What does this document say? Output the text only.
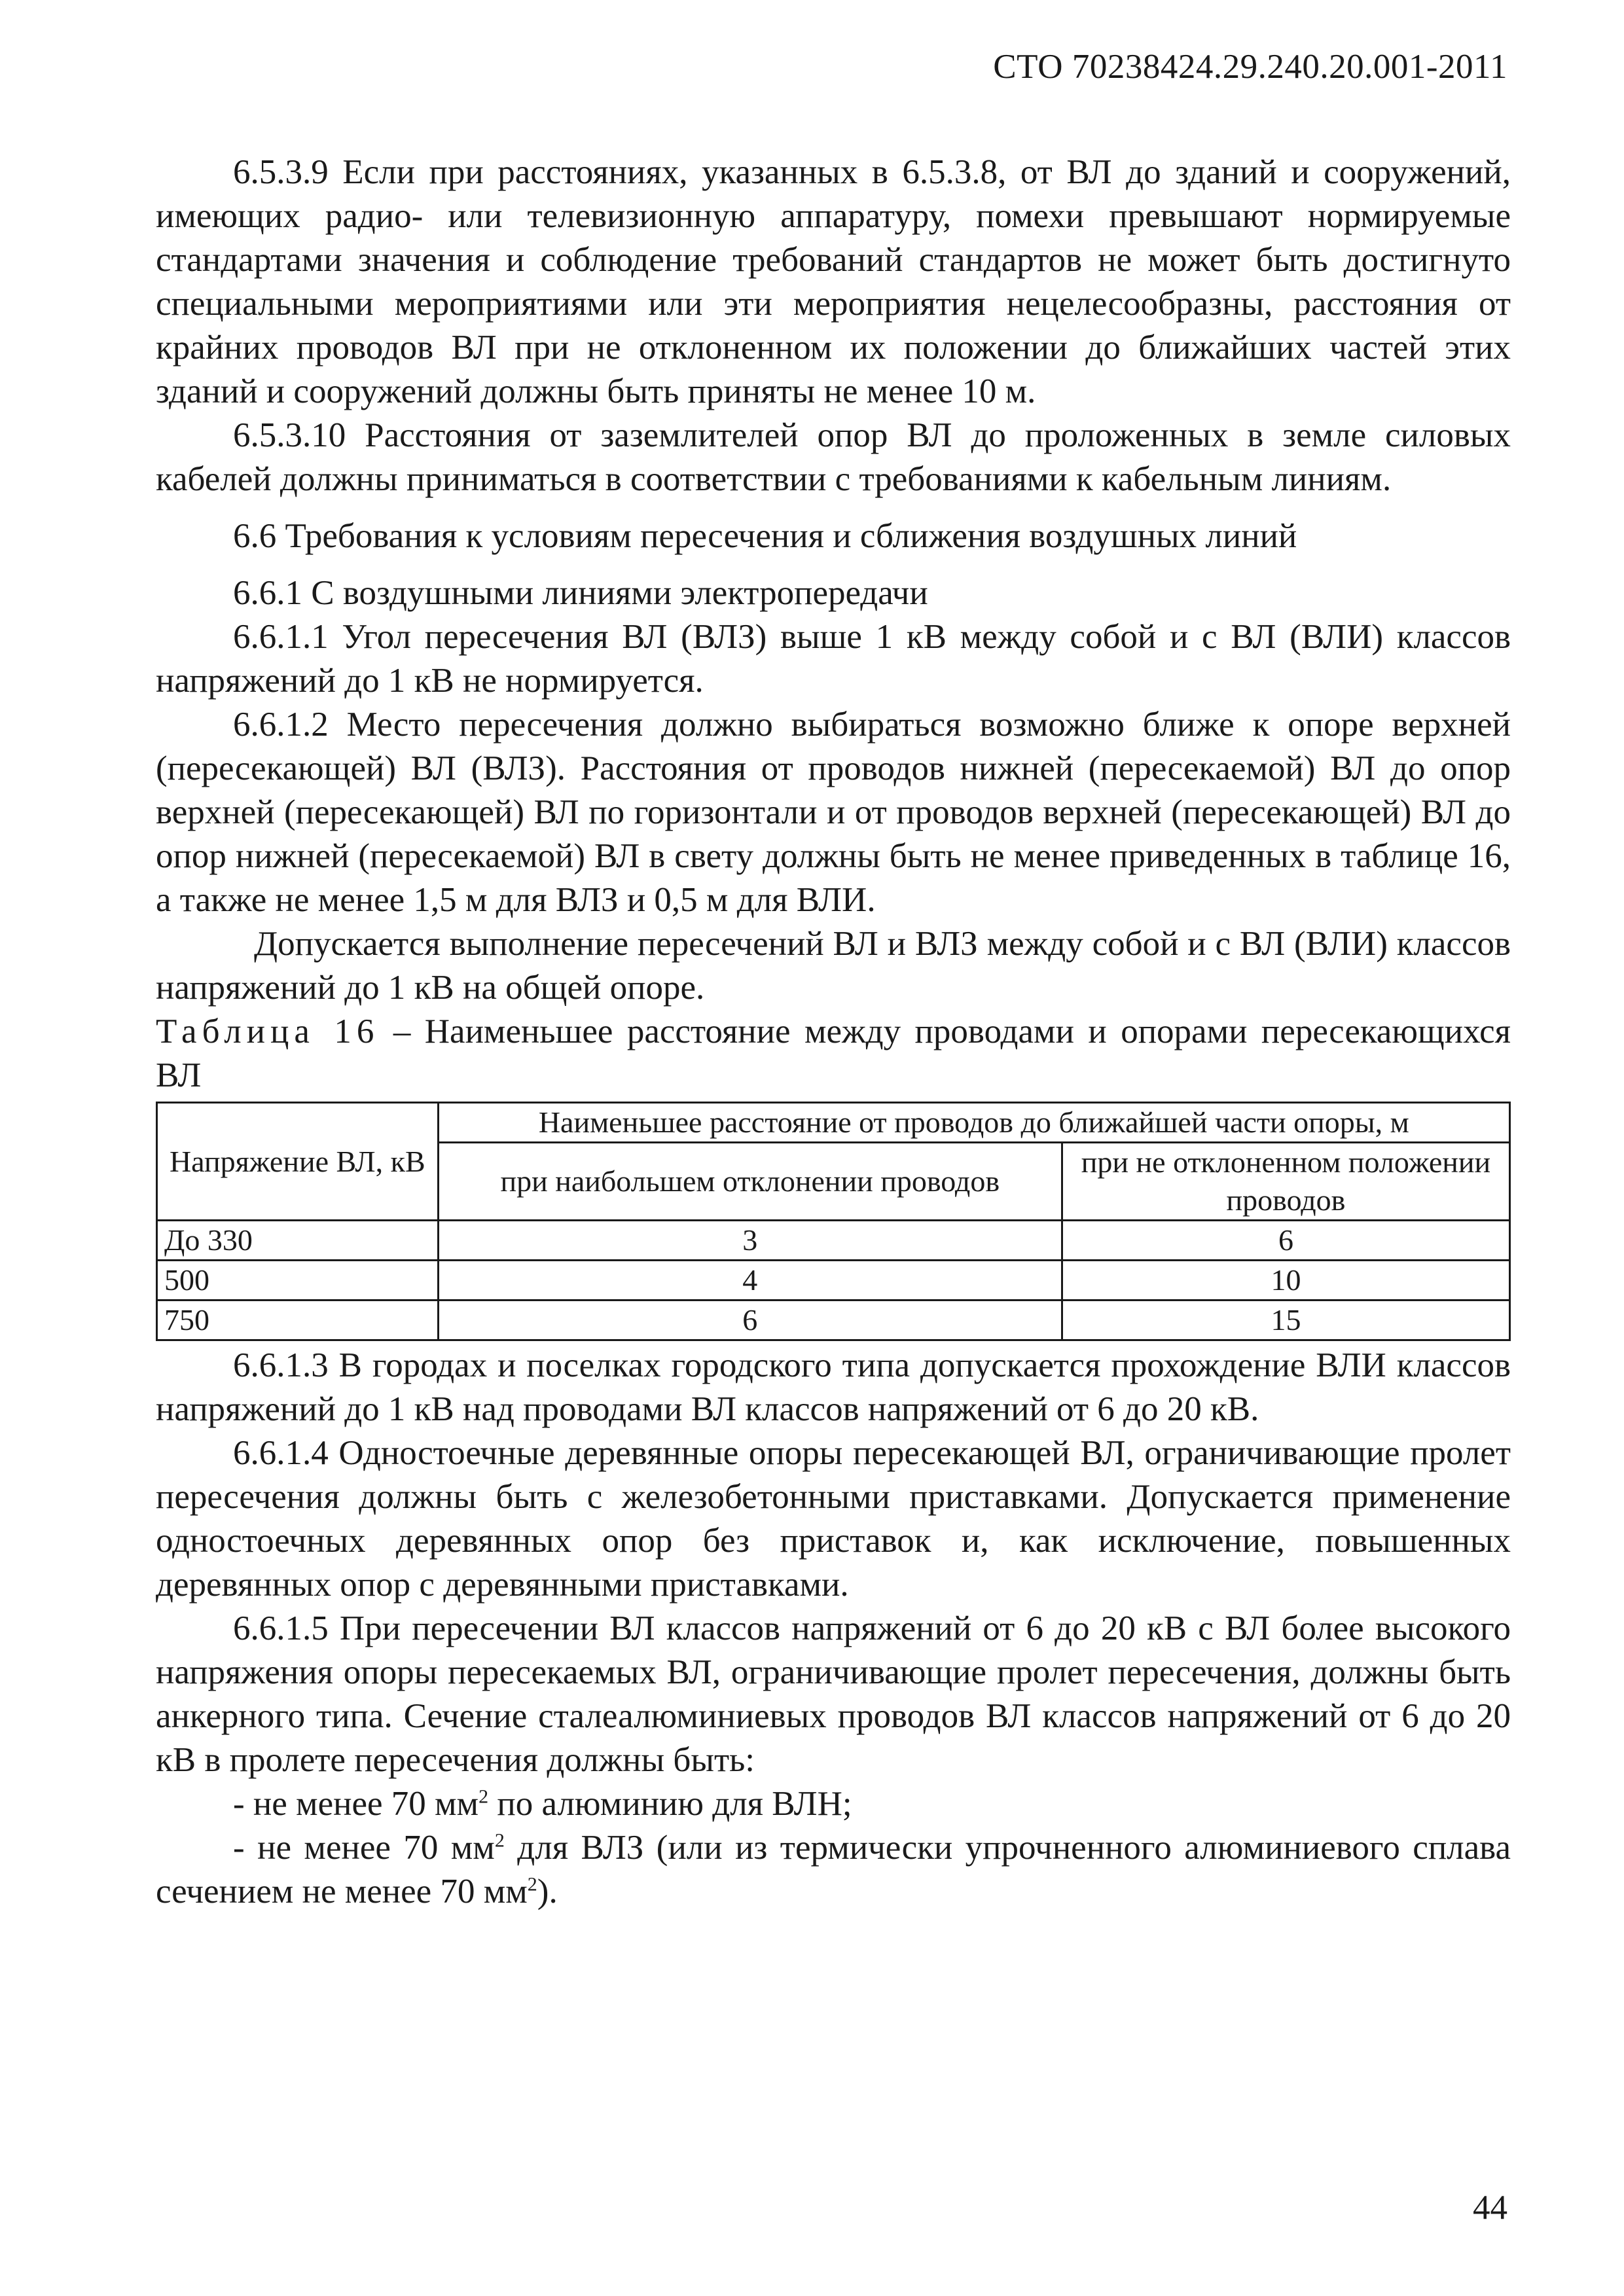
СТО 70238424.29.240.20.001-2011

6.5.3.9 Если при расстояниях, указанных в 6.5.3.8, от ВЛ до зданий и сооружений, имеющих радио- или телевизионную аппаратуру, помехи превышают нормируемые стандартами значения и соблюдение требований стандартов не может быть достигнуто специальными мероприятиями или эти мероприятия нецелесообразны, расстояния от крайних проводов ВЛ при не отклоненном их положении до ближайших частей этих зданий и сооружений должны быть приняты не менее 10 м.

6.5.3.10 Расстояния от заземлителей опор ВЛ до проложенных в земле силовых кабелей должны приниматься в соответствии с требованиями к кабельным линиям.

6.6 Требования к условиям пересечения и сближения воздушных линий

6.6.1 С воздушными линиями электропередачи

6.6.1.1 Угол пересечения ВЛ (ВЛЗ) выше 1 кВ между собой и с ВЛ (ВЛИ) классов напряжений до 1 кВ не нормируется.

6.6.1.2 Место пересечения должно выбираться возможно ближе к опоре верхней (пересекающей) ВЛ (ВЛЗ). Расстояния от проводов нижней (пересекаемой) ВЛ до опор верхней (пересекающей) ВЛ по горизонтали и от проводов верхней (пересекающей) ВЛ до опор нижней (пересекаемой) ВЛ в свету должны быть не менее приведенных в таблице 16, а также не менее 1,5 м для ВЛЗ и 0,5 м для ВЛИ.

Допускается выполнение пересечений ВЛ и ВЛЗ между собой и с ВЛ (ВЛИ) классов напряжений до 1 кВ на общей опоре.

Таблица 16 – Наименьшее расстояние между проводами и опорами пересекающихся ВЛ

Напряжение ВЛ, кВ	Наименьшее расстояние от проводов до ближайшей части опоры, м	
	при наибольшем отклонении проводов	при не отклоненном положении проводов
До 330	3	6
500	4	10
750	6	15

6.6.1.3 В городах и поселках городского типа допускается прохождение ВЛИ классов напряжений до 1 кВ над проводами ВЛ классов напряжений от 6 до 20 кВ.

6.6.1.4 Одностоечные деревянные опоры пересекающей ВЛ, ограничивающие пролет пересечения должны быть с железобетонными приставками. Допускается применение одностоечных деревянных опор без приставок и, как исключение, повышенных деревянных опор с деревянными приставками.

6.6.1.5 При пересечении ВЛ классов напряжений от 6 до 20 кВ с ВЛ более высокого напряжения опоры пересекаемых ВЛ, ограничивающие пролет пересечения, должны быть анкерного типа. Сечение сталеалюминиевых проводов ВЛ классов напряжений от 6 до 20 кВ в пролете пересечения должны быть:

- не менее 70 $мм^2$ по алюминию для ВЛН;

- не менее 70 $мм^2$ для ВЛЗ (или из термически упрочненного алюминиевого сплава сечением не менее 70 $мм^2$).

44
